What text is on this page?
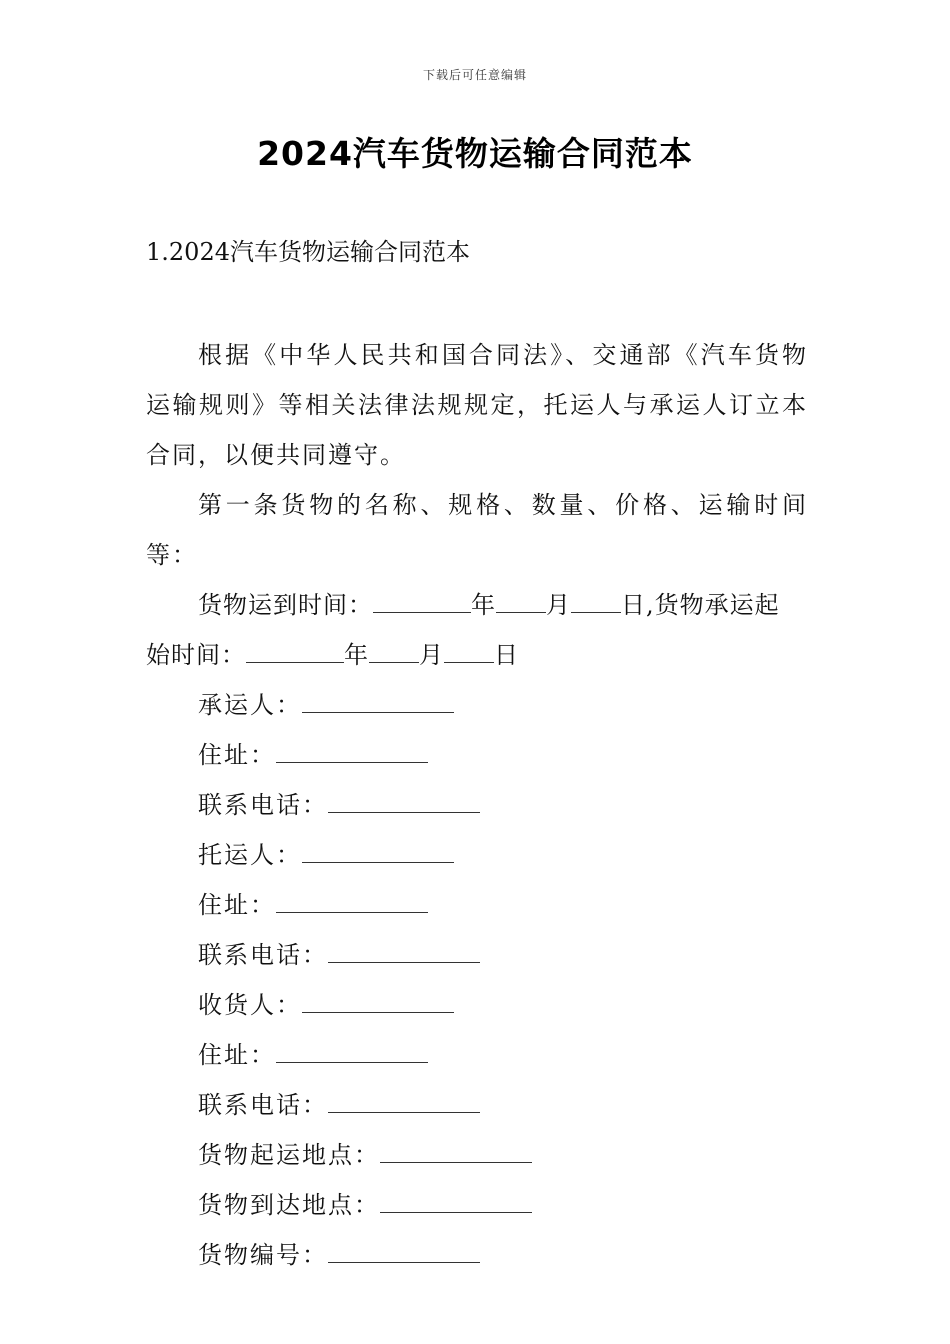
下载后可任意编辑
2024汽车货物运输合同范本
1.2024汽车货物运输合同范本

根据《中华人民共和国合同法》、交通部《汽车货物运输规则》等相关法律法规规定，托运人与承运人订立本合同，以便共同遵守。

第一条货物的名称、规格、数量、价格、运输时间等：

货物运到时间：	年 月 日,货物承运起
始时间：	年 月 日

承运人：

住址：

联系电话：

托运人：

住址：

联系电话：

收货人：

住址：

联系电话：

货物起运地点：

货物到达地点：

货物编号：
